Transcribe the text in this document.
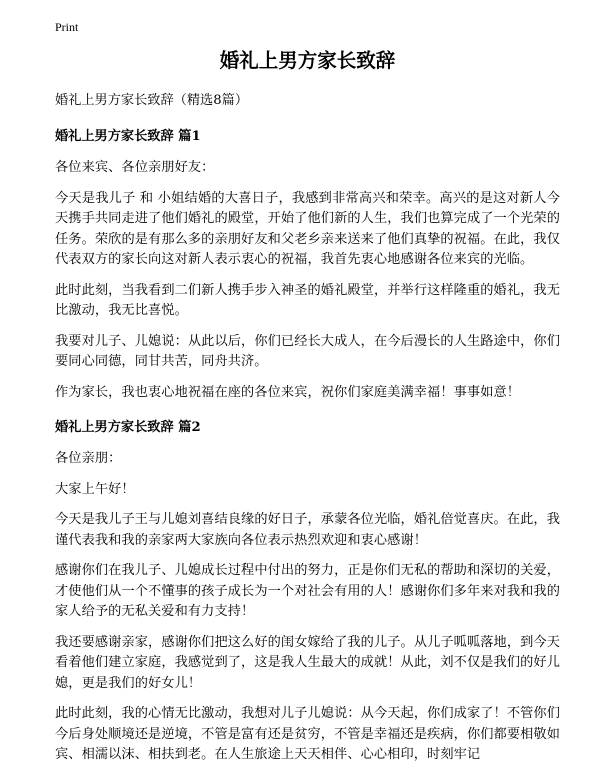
Print
婚礼上男方家长致辞

婚礼上男方家长致辞（精选8篇）

婚礼上男方家长致辞 篇1

各位来宾、各位亲朋好友：

今天是我儿子 和 小姐结婚的大喜日子，我感到非常高兴和荣幸。高兴的是这对新人今天携手共同走进了他们婚礼的殿堂，开始了他们新的人生，我们也算完成了一个光荣的任务。荣欣的是有那么多的亲朋好友和父老乡亲来送来了他们真挚的祝福。在此，我仅代表双方的家长向这对新人表示衷心的祝福，我首先衷心地感谢各位来宾的光临。

此时此刻，当我看到二们新人携手步入神圣的婚礼殿堂，并举行这样隆重的婚礼，我无比激动，我无比喜悦。

我要对儿子、儿媳说：从此以后，你们已经长大成人，在今后漫长的人生路途中，你们要同心同德，同甘共苦，同舟共济。

作为家长，我也衷心地祝福在座的各位来宾，祝你们家庭美满幸福！事事如意！

婚礼上男方家长致辞 篇2

各位亲朋：

大家上午好！

今天是我儿子王与儿媳刘喜结良缘的好日子，承蒙各位光临，婚礼倍觉喜庆。在此，我谨代表我和我的亲家两大家族向各位表示热烈欢迎和衷心感谢！

感谢你们在我儿子、儿媳成长过程中付出的努力，正是你们无私的帮助和深切的关爱，才使他们从一个不懂事的孩子成长为一个对社会有用的人！感谢你们多年来对我和我的家人给予的无私关爱和有力支持！

我还要感谢亲家，感谢你们把这么好的闺女嫁给了我的儿子。从儿子呱呱落地，到今天看着他们建立家庭，我感觉到了，这是我人生最大的成就！从此，刘不仅是我们的好儿媳，更是我们的好女儿！

此时此刻，我的心情无比激动，我想对儿子儿媳说：从今天起，你们成家了！不管你们今后身处顺境还是逆境，不管是富有还是贫穷，不管是幸福还是疾病，你们都要相敬如宾、相濡以沫、相扶到老。在人生旅途上天天相伴、心心相印，时刻牢记
